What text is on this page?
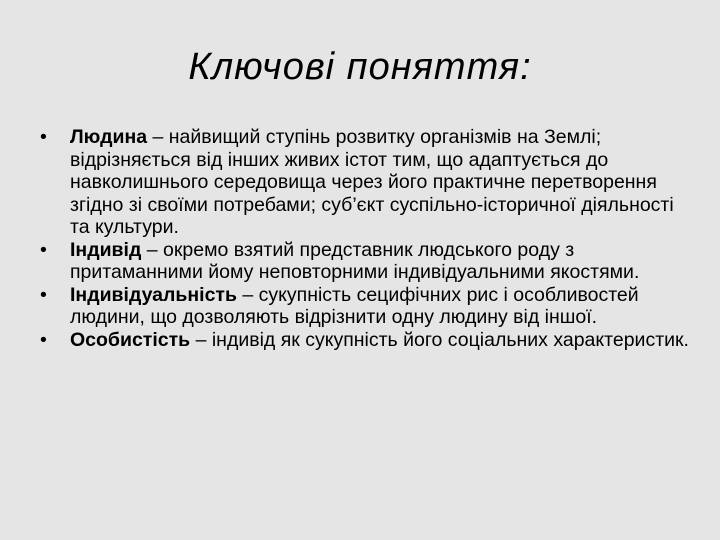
Ключові поняття:
•	Людина – найвищий ступінь розвитку організмів на Землі; відрізняється від інших живих істот тим, що адаптується до навколишнього середовища через його практичне перетворення згідно зі своїми потребами; суб’єкт суспільно-історичної діяльності та культури.
•	Індивід – окремо взятий представник людського роду з притаманними йому неповторними індивідуальними якостями.
•	Індивідуальність – сукупність сецифічних рис і особливостей людини, що дозволяють відрізнити одну людину від іншої.
•	Особистість – індивід як сукупність його соціальних характеристик.
